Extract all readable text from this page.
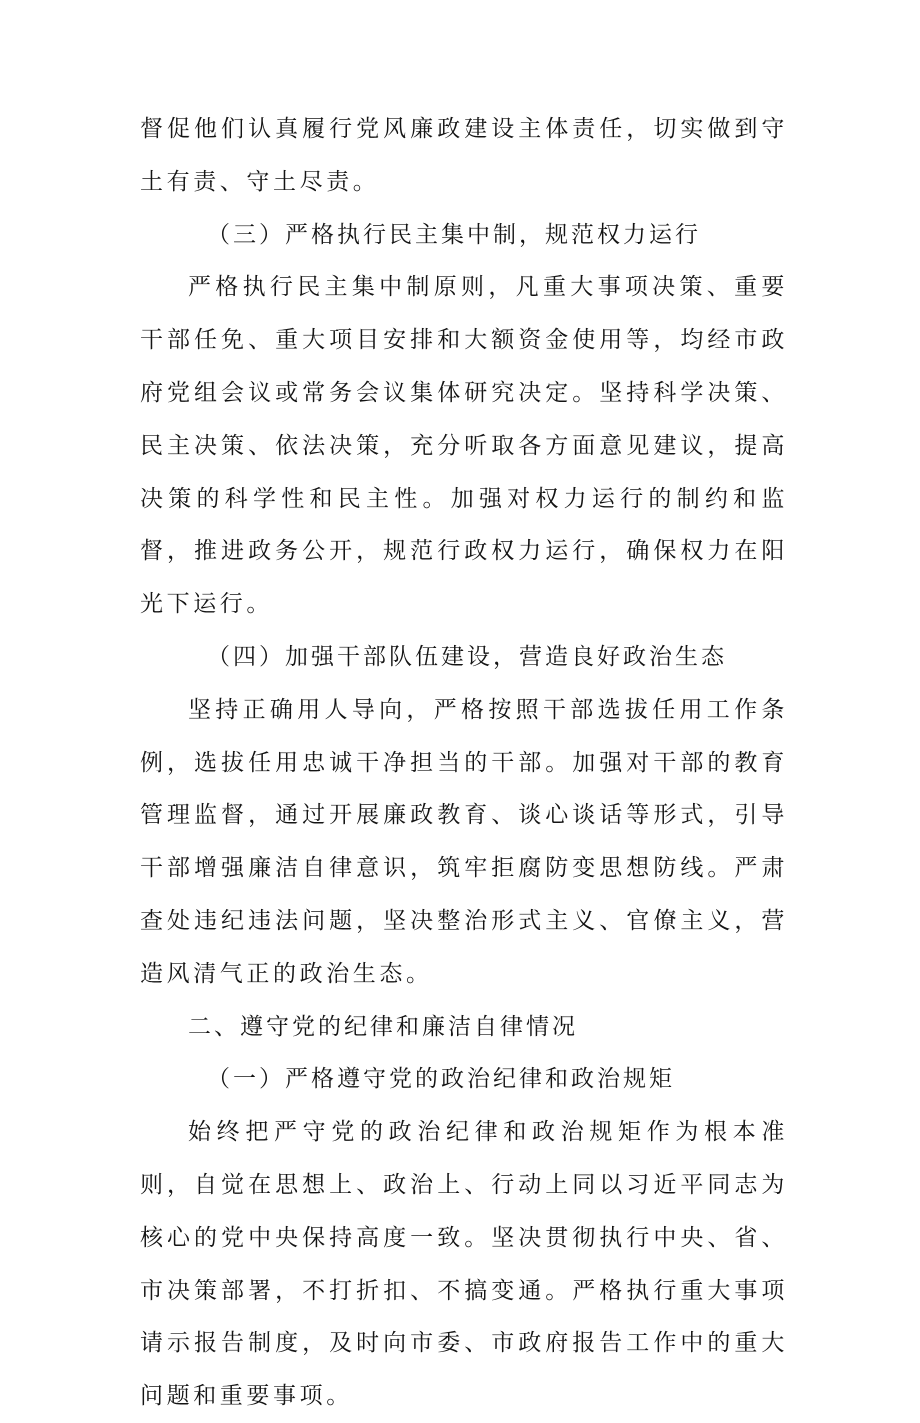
督促他们认真履行党风廉政建设主体责任，切实做到守土有责、守土尽责。

（三）严格执行民主集中制，规范权力运行

严格执行民主集中制原则，凡重大事项决策、重要干部任免、重大项目安排和大额资金使用等，均经市政府党组会议或常务会议集体研究决定。坚持科学决策、民主决策、依法决策，充分听取各方面意见建议，提高决策的科学性和民主性。加强对权力运行的制约和监督，推进政务公开，规范行政权力运行，确保权力在阳光下运行。

（四）加强干部队伍建设，营造良好政治生态

坚持正确用人导向，严格按照干部选拔任用工作条例，选拔任用忠诚干净担当的干部。加强对干部的教育管理监督，通过开展廉政教育、谈心谈话等形式，引导干部增强廉洁自律意识，筑牢拒腐防变思想防线。严肃查处违纪违法问题，坚决整治形式主义、官僚主义，营造风清气正的政治生态。

二、遵守党的纪律和廉洁自律情况

（一）严格遵守党的政治纪律和政治规矩

始终把严守党的政治纪律和政治规矩作为根本准则，自觉在思想上、政治上、行动上同以习近平同志为核心的党中央保持高度一致。坚决贯彻执行中央、省、市决策部署，不打折扣、不搞变通。严格执行重大事项请示报告制度，及时向市委、市政府报告工作中的重大问题和重要事项。
